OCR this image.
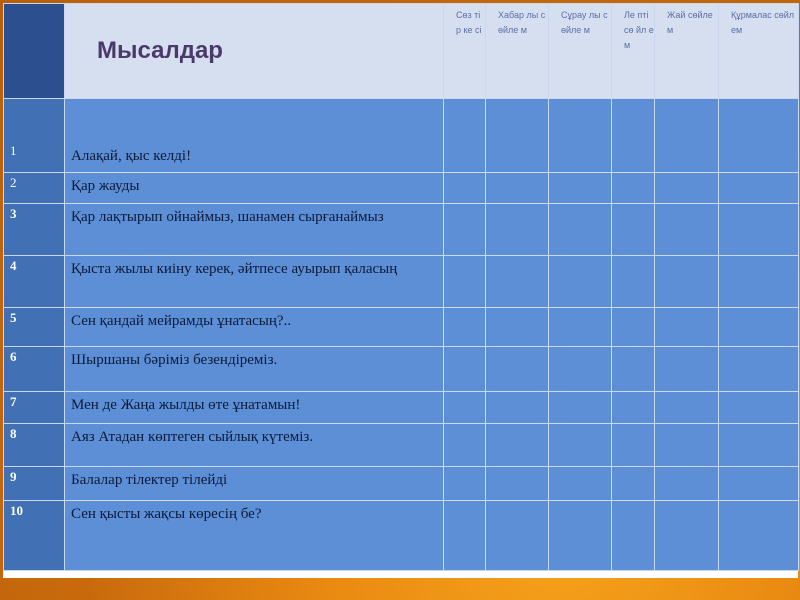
	Мысалдар	Сөз тір ке сі	Хабар лы сөйле м	Сұрау лы сөйле м	Ле пті сө йл ем	Жай сөйле м	Құрмалас сөйлем

1	Алақай, қыс келді!						

2	Қар жауды						

3	Қар лақтырып ойнаймыз, шанамен сырғанаймыз						

4	Қыста жылы киіну керек, әйтпесе ауырып қаласың						

5	Сен қандай мейрамды ұнатасың?..						

6	Шыршаны бәріміз безендіреміз.						

7	Мен де Жаңа жылды өте ұнатамын!						

8	Аяз Атадан көптеген сыйлық күтеміз.						

9	Балалар тілектер тілейді						

10	Сен қысты жақсы көресің бе?						
